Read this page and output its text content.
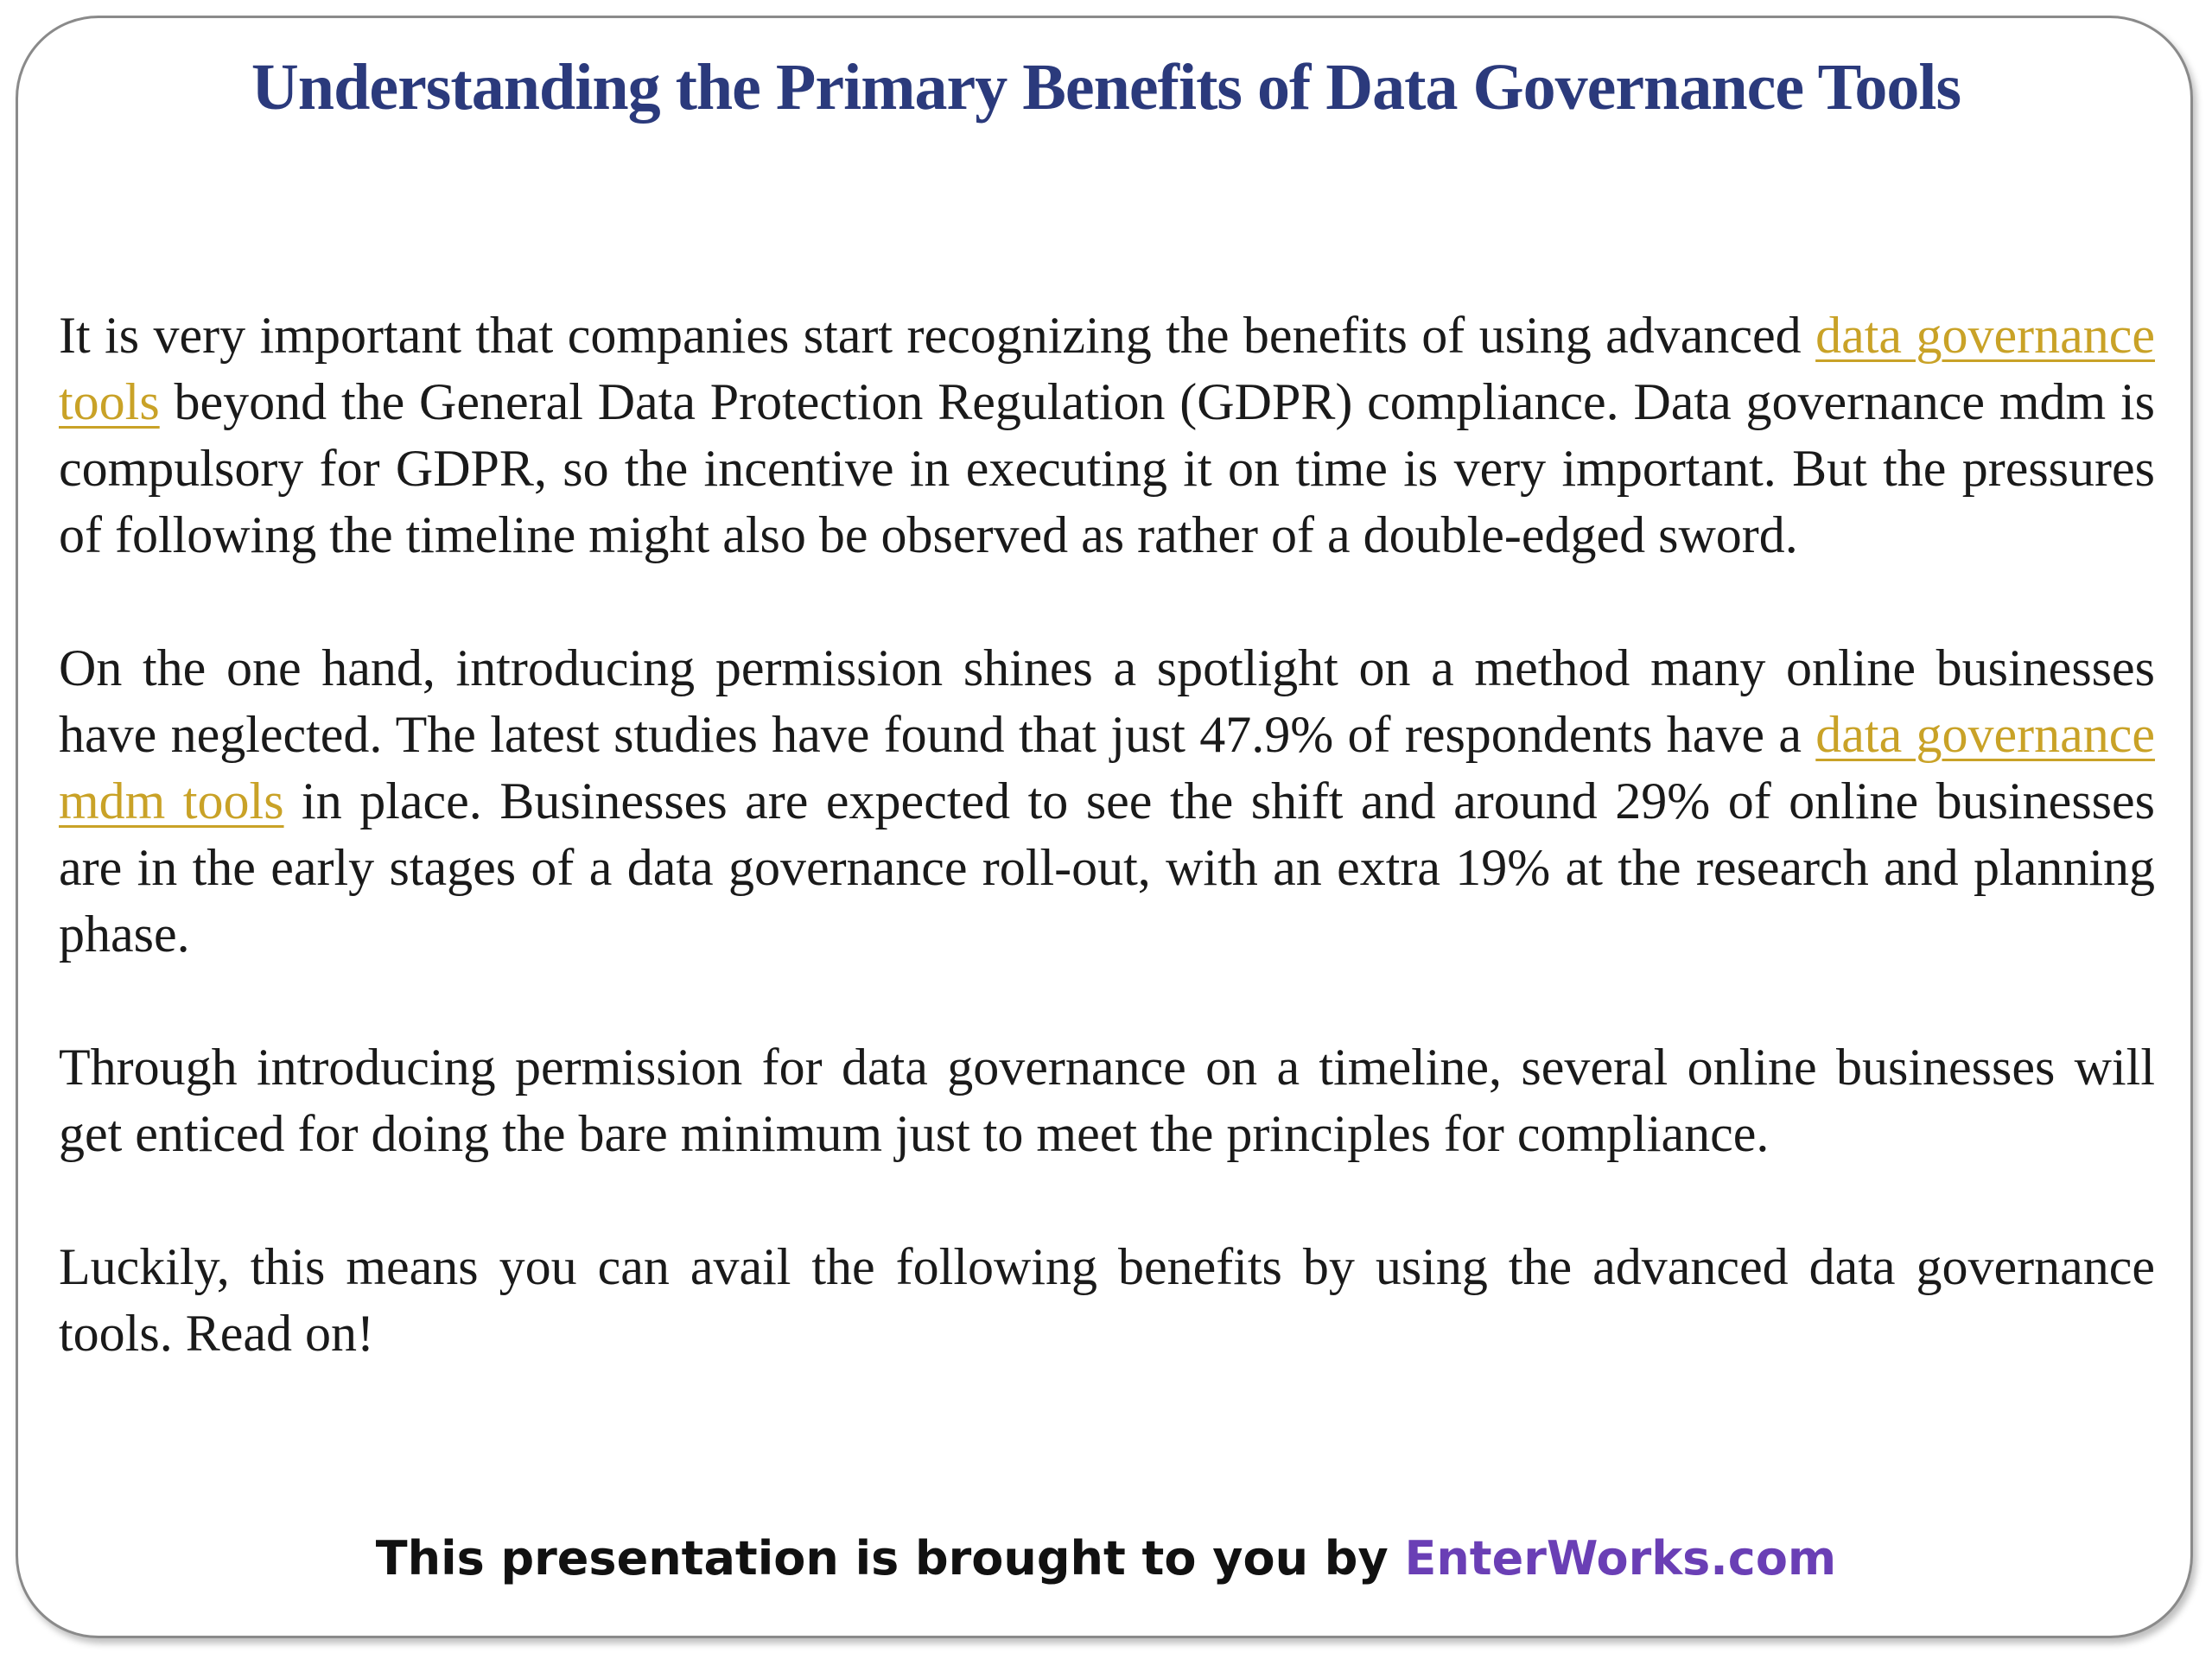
Understanding the Primary Benefits of Data Governance Tools

It is very important that companies start recognizing the benefits of using advanced data governance tools beyond the General Data Protection Regulation (GDPR) compliance. Data governance mdm is compulsory for GDPR, so the incentive in executing it on time is very important. But the pressures of following the timeline might also be observed as rather of a double-edged sword.

On the one hand, introducing permission shines a spotlight on a method many online businesses have neglected. The latest studies have found that just 47.9% of respondents have a data governance mdm tools in place. Businesses are expected to see the shift and around 29% of online businesses are in the early stages of a data governance roll-out, with an extra 19% at the research and planning phase.

Through introducing permission for data governance on a timeline, several online businesses will get enticed for doing the bare minimum just to meet the principles for compliance.

Luckily, this means you can avail the following benefits by using the advanced data governance tools. Read on!

This presentation is brought to you by EnterWorks.com
